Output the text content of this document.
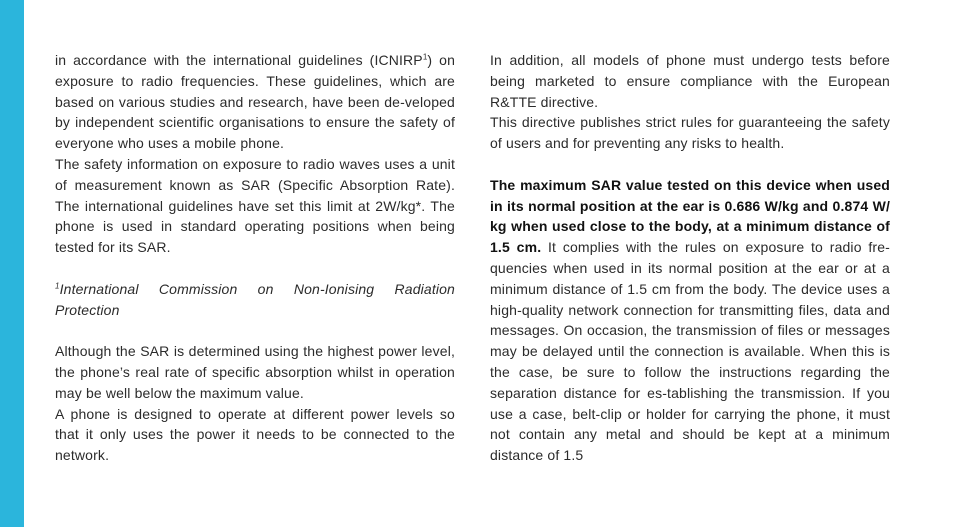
in accordance with the international guidelines (ICNIRP$^1$) on exposure to radio frequencies. These guidelines, which are based on various studies and research, have been de-veloped by independent scientific organisations to ensure the safety of everyone who uses a mobile phone.

The safety information on exposure to radio waves uses a unit of measurement known as SAR (Specific Absorption Rate). The international guidelines have set this limit at 2W/kg*. The phone is used in standard operating positions when being tested for its SAR.

$^1$International Commission on Non-Ionising Radiation Protection

Although the SAR is determined using the highest power level, the phone’s real rate of specific absorption whilst in operation may be well below the maximum value.

A phone is designed to operate at different power levels so that it only uses the power it needs to be connected to the network.

In addition, all models of phone must undergo tests before being marketed to ensure compliance with the European R&TTE directive.

This directive publishes strict rules for guaranteeing the safety of users and for preventing any risks to health.

The maximum SAR value tested on this device when used in its normal position at the ear is 0.686 W/kg and 0.874 W/ kg when used close to the body, at a minimum distance of 1.5 cm. It complies with the rules on exposure to radio fre-quencies when used in its normal position at the ear or at a minimum distance of 1.5 cm from the body. The device uses a high-quality network connection for transmitting files, data and messages. On occasion, the transmission of files or messages may be delayed until the connection is available. When this is the case, be sure to follow the instructions regarding the separation distance for es-tablishing the transmission. If you use a case, belt-clip or holder for carrying the phone, it must not contain any metal and should be kept at a minimum distance of 1.5
